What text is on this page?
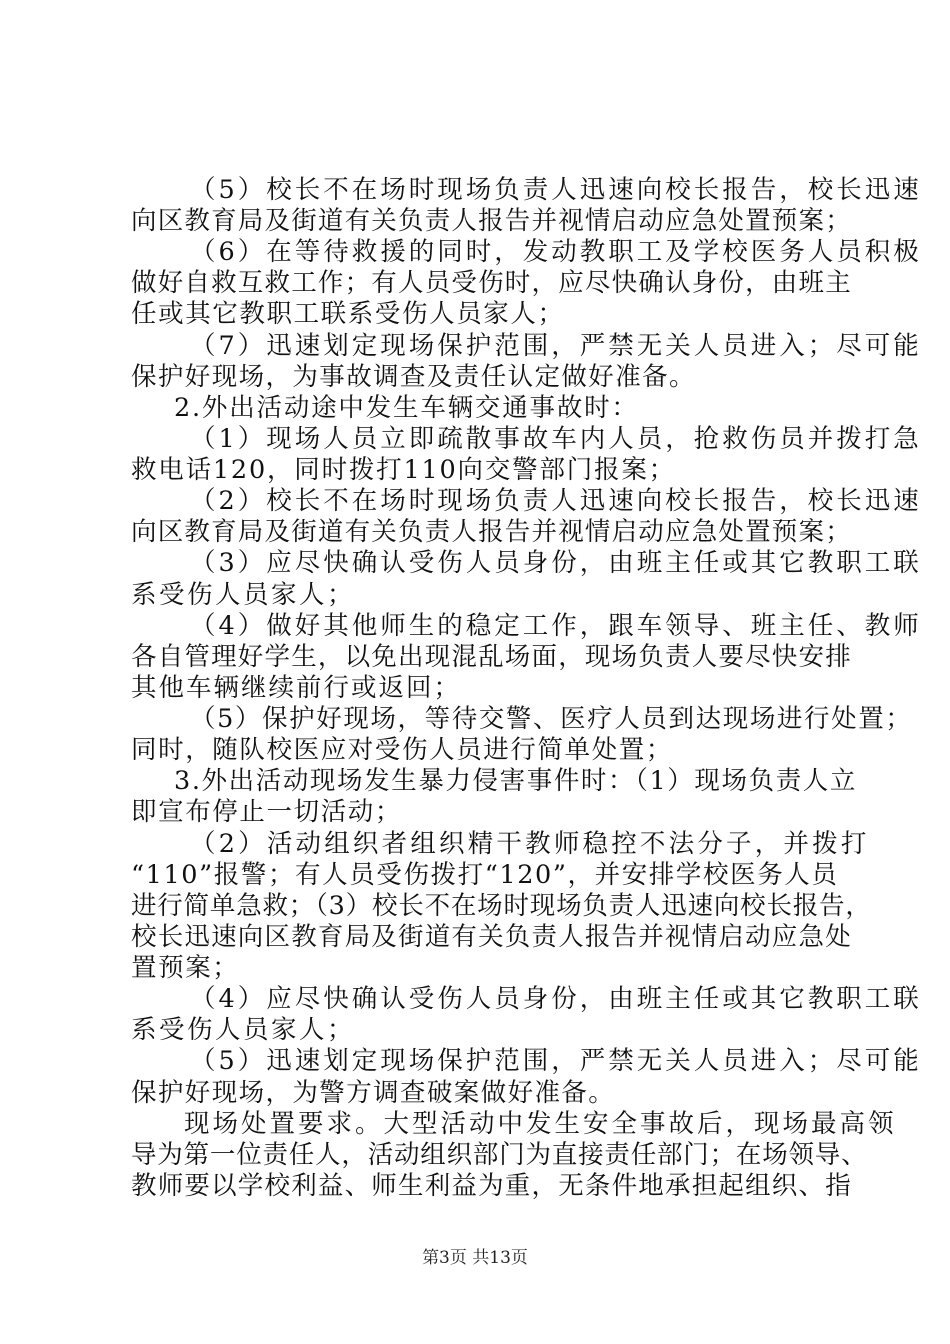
（5）校长不在场时现场负责人迅速向校长报告，校长迅速
向区教育局及街道有关负责人报告并视情启动应急处置预案；
（6）在等待救援的同时，发动教职工及学校医务人员积极
做好自救互救工作；有人员受伤时，应尽快确认身份，由班主
任或其它教职工联系受伤人员家人；
（7）迅速划定现场保护范围，严禁无关人员进入；尽可能
保护好现场，为事故调查及责任认定做好准备。
2.外出活动途中发生车辆交通事故时：
（1）现场人员立即疏散事故车内人员，抢救伤员并拨打急
救电话120，同时拨打110向交警部门报案；
（2）校长不在场时现场负责人迅速向校长报告，校长迅速
向区教育局及街道有关负责人报告并视情启动应急处置预案；
（3）应尽快确认受伤人员身份，由班主任或其它教职工联
系受伤人员家人；
（4）做好其他师生的稳定工作，跟车领导、班主任、教师
各自管理好学生，以免出现混乱场面，现场负责人要尽快安排
其他车辆继续前行或返回；
（5）保护好现场，等待交警、医疗人员到达现场进行处置；
同时，随队校医应对受伤人员进行简单处置；
3.外出活动现场发生暴力侵害事件时：（1）现场负责人立
即宣布停止一切活动；
（2）活动组织者组织精干教师稳控不法分子，并拨打
“110”报警；有人员受伤拨打“120”，并安排学校医务人员
进行简单急救；（3）校长不在场时现场负责人迅速向校长报告，
校长迅速向区教育局及街道有关负责人报告并视情启动应急处
置预案；
（4）应尽快确认受伤人员身份，由班主任或其它教职工联
系受伤人员家人；
（5）迅速划定现场保护范围，严禁无关人员进入；尽可能
保护好现场，为警方调查破案做好准备。
现场处置要求。大型活动中发生安全事故后，现场最高领
导为第一位责任人，活动组织部门为直接责任部门；在场领导、
教师要以学校利益、师生利益为重，无条件地承担起组织、指
第3页 共13页
